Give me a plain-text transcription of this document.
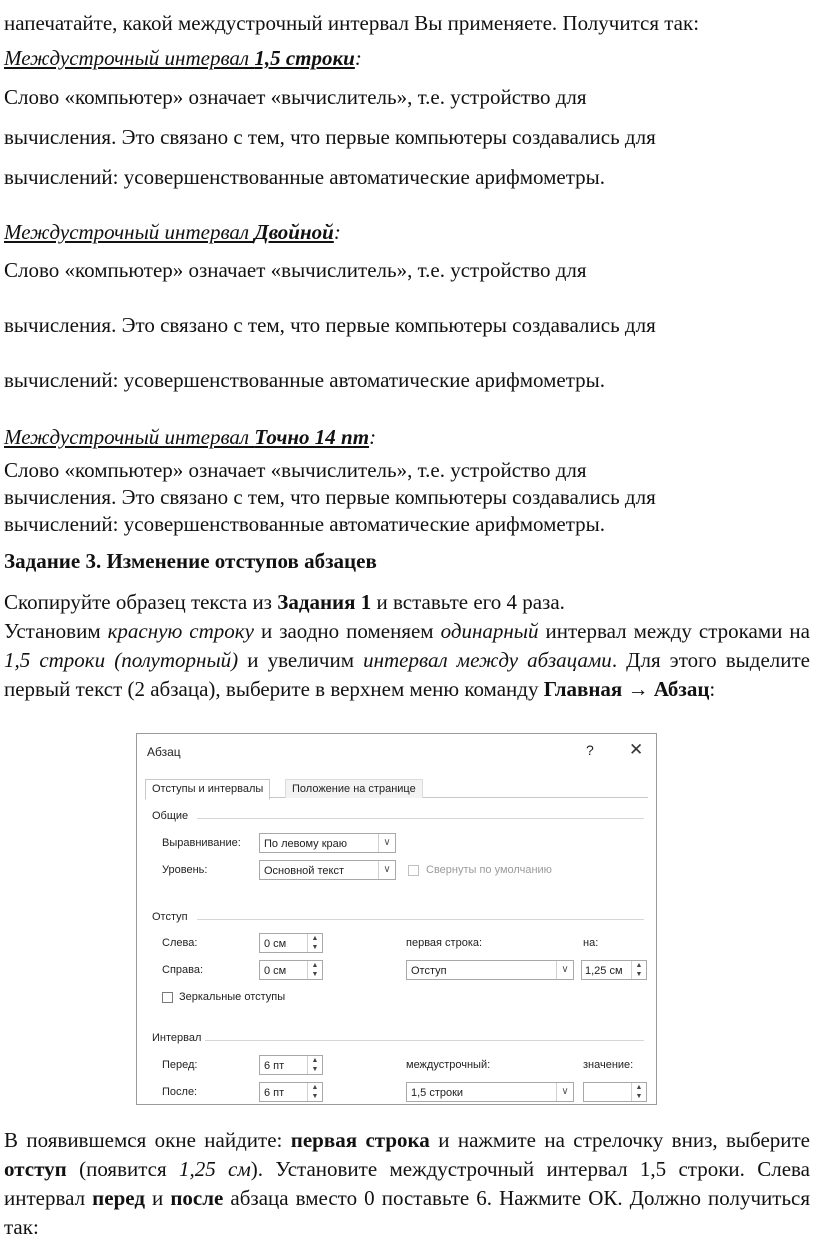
напечатайте, какой междустрочный интервал Вы применяете. Получится так:
Междустрочный интервал 1,5 строки:
Слово «компьютер» означает «вычислитель», т.е. устройство для
вычисления. Это связано с тем, что первые компьютеры создавались для
вычислений: усовершенствованные автоматические арифмометры.
Междустрочный интервал Двойной:
Слово «компьютер» означает «вычислитель», т.е. устройство для
вычисления. Это связано с тем, что первые компьютеры создавались для
вычислений: усовершенствованные автоматические арифмометры.
Междустрочный интервал Точно 14 пт:
Слово «компьютер» означает «вычислитель», т.е. устройство для
вычисления. Это связано с тем, что первые компьютеры создавались для
вычислений: усовершенствованные автоматические арифмометры.
Задание 3. Изменение отступов абзацев
Скопируйте образец текста из Задания 1 и вставьте его 4 раза.
Установим красную строку и заодно поменяем одинарный интервал между строками на 1,5 строки (полуторный) и увеличим интервал между абзацами. Для этого выделите первый текст (2 абзаца), выберите в верхнем меню команду Главная → Абзац:
Абзац	? ✕
Отступы и интервалы	Положение на странице
Общие
Выравнивание:	По левому краю	∨
Уровень:	Основной текст	∨	Свернуты по умолчанию
Отступ
Слева:	0 см	▲
▼
Справа:	0 см	▲
▼
первая строка:
Отступ	∨
на:
1,25 см	▲
▼
Зеркальные отступы
Интервал
Перед:	6 пт	▲
▼
После:	6 пт	▲
▼
междустрочный:
1,5 строки	∨
значение:
▲
▼
В появившемся окне найдите: первая строка и нажмите на стрелочку вниз, выберите отступ (появится 1,25 см). Установите междустрочный интервал 1,5 строки. Слева интервал перед и после абзаца вместо 0 поставьте 6. Нажмите ОК. Должно получиться так:
